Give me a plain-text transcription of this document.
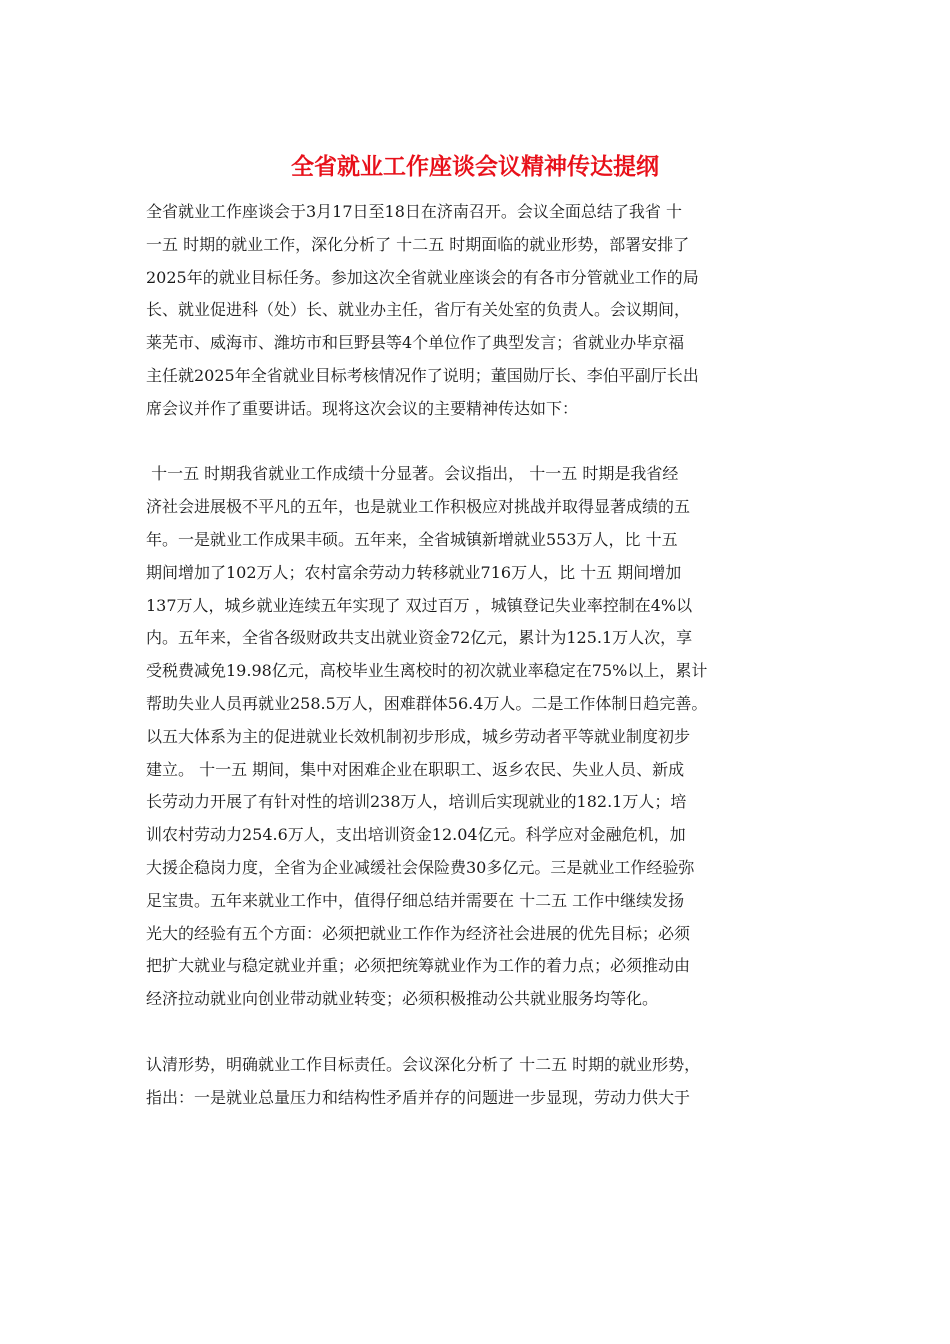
全省就业工作座谈会议精神传达提纲
全省就业工作座谈会于3月17日至18日在济南召开。会议全面总结了我省 十
一五 时期的就业工作，深化分析了 十二五 时期面临的就业形势，部署安排了
2025年的就业目标任务。参加这次全省就业座谈会的有各市分管就业工作的局
长、就业促进科（处）长、就业办主任，省厅有关处室的负责人。会议期间，
莱芜市、威海市、潍坊市和巨野县等4个单位作了典型发言；省就业办毕京福
主任就2025年全省就业目标考核情况作了说明；董国勋厅长、李伯平副厅长出
席会议并作了重要讲话。现将这次会议的主要精神传达如下：
十一五 时期我省就业工作成绩十分显著。会议指出， 十一五 时期是我省经
济社会进展极不平凡的五年，也是就业工作积极应对挑战并取得显著成绩的五
年。一是就业工作成果丰硕。五年来，全省城镇新增就业553万人，比 十五
期间增加了102万人；农村富余劳动力转移就业716万人，比 十五 期间增加
137万人，城乡就业连续五年实现了 双过百万 ，城镇登记失业率控制在4%以
内。五年来，全省各级财政共支出就业资金72亿元，累计为125.1万人次，享
受税费减免19.98亿元，高校毕业生离校时的初次就业率稳定在75%以上，累计
帮助失业人员再就业258.5万人，困难群体56.4万人。二是工作体制日趋完善。
以五大体系为主的促进就业长效机制初步形成，城乡劳动者平等就业制度初步
建立。 十一五 期间，集中对困难企业在职职工、返乡农民、失业人员、新成
长劳动力开展了有针对性的培训238万人，培训后实现就业的182.1万人；培
训农村劳动力254.6万人，支出培训资金12.04亿元。科学应对金融危机，加
大援企稳岗力度，全省为企业减缓社会保险费30多亿元。三是就业工作经验弥
足宝贵。五年来就业工作中，值得仔细总结并需要在 十二五 工作中继续发扬
光大的经验有五个方面：必须把就业工作作为经济社会进展的优先目标；必须
把扩大就业与稳定就业并重；必须把统筹就业作为工作的着力点；必须推动由
经济拉动就业向创业带动就业转变；必须积极推动公共就业服务均等化。
认清形势，明确就业工作目标责任。会议深化分析了 十二五 时期的就业形势，
指出：一是就业总量压力和结构性矛盾并存的问题进一步显现，劳动力供大于
